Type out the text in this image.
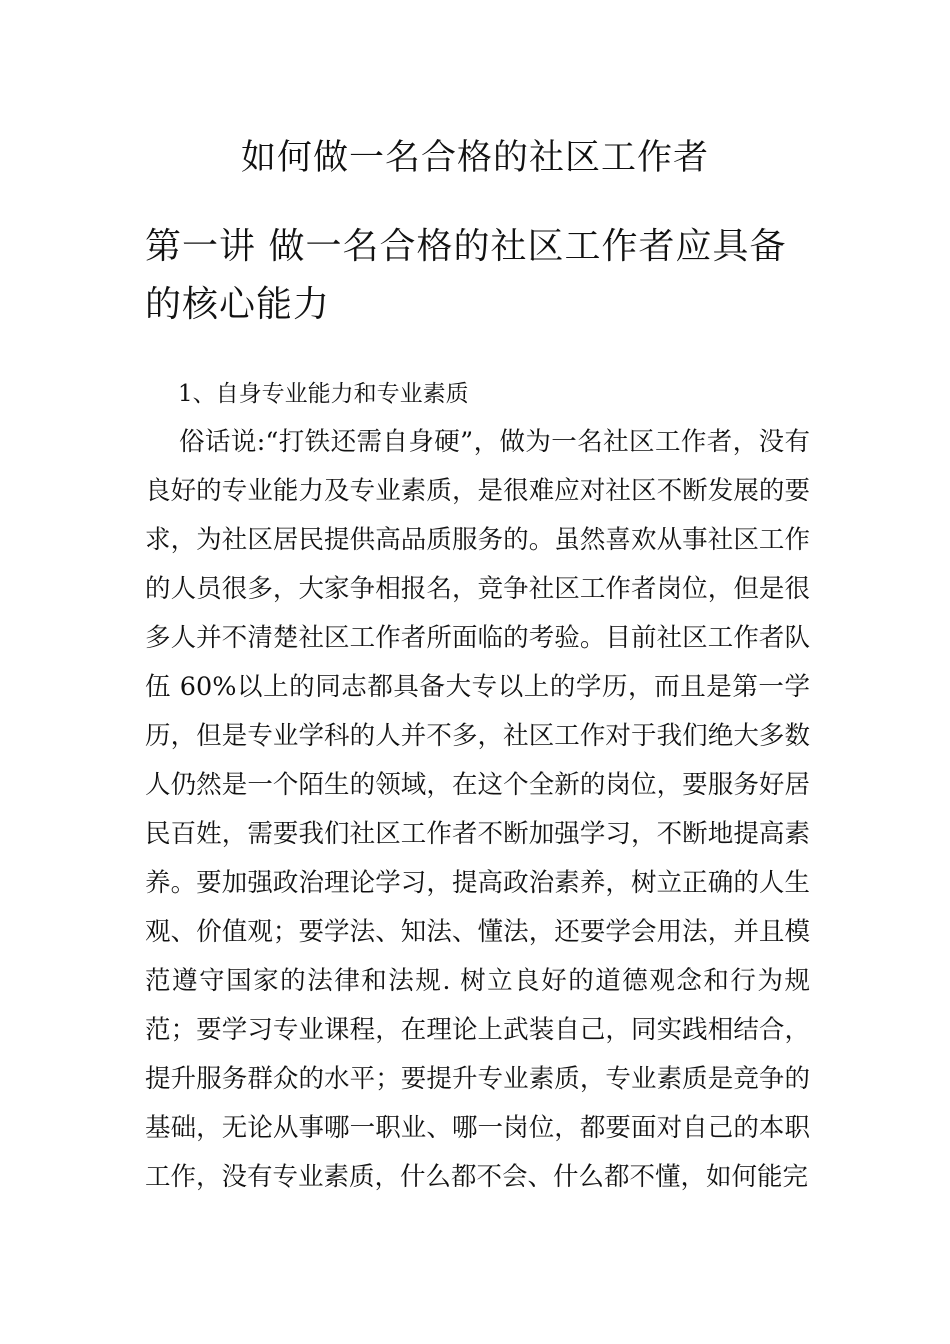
如何做一名合格的社区工作者
第一讲 做一名合格的社区工作者应具备的核心能力
1、自身专业能力和专业素质

俗话说:“打铁还需自身硬”，做为一名社区工作者，没有良好的专业能力及专业素质，是很难应对社区不断发展的要求，为社区居民提供高品质服务的。虽然喜欢从事社区工作的人员很多，大家争相报名，竞争社区工作者岗位，但是很多人并不清楚社区工作者所面临的考验。目前社区工作者队伍 60%以上的同志都具备大专以上的学历，而且是第一学历，但是专业学科的人并不多，社区工作对于我们绝大多数人仍然是一个陌生的领域，在这个全新的岗位，要服务好居民百姓，需要我们社区工作者不断加强学习，不断地提高素养。要加强政治理论学习，提高政治素养，树立正确的人生观、价值观；要学法、知法、懂法，还要学会用法，并且模范遵守国家的法律和法规. 树立良好的道德观念和行为规范；要学习专业课程，在理论上武装自己，同实践相结合，提升服务群众的水平；要提升专业素质，专业素质是竞争的基础，无论从事哪一职业、哪一岗位，都要面对自己的本职工作，没有专业素质，什么都不会、什么都不懂，如何能完
